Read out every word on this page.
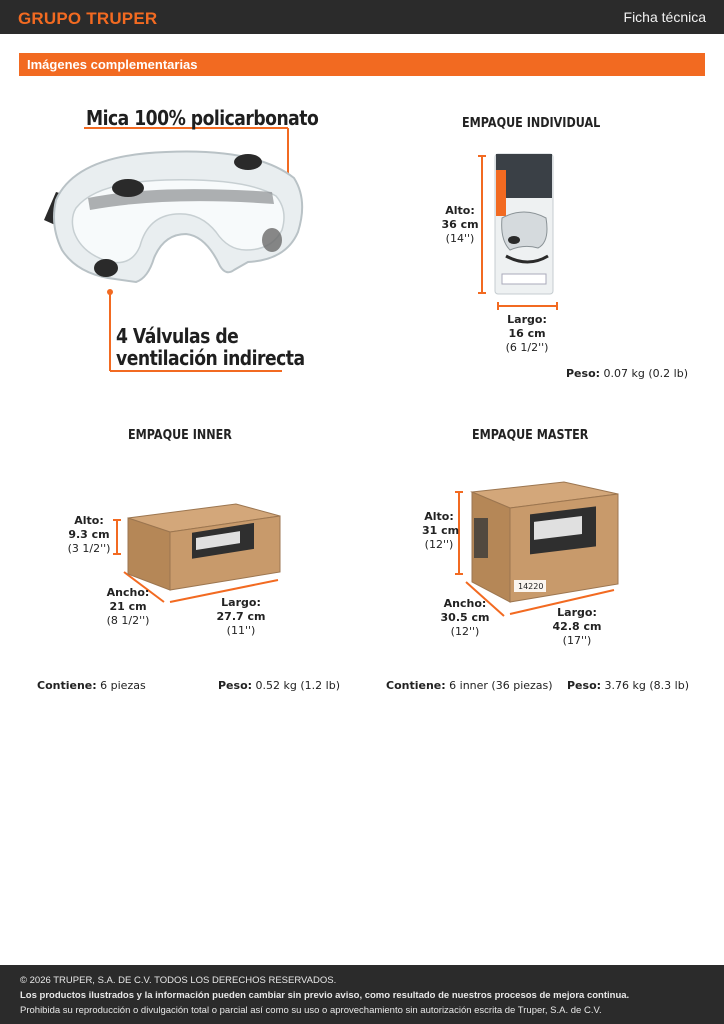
GRUPO TRUPER	Ficha técnica
Imágenes complementarias
Mica 100% policarbonato
4 Válvulas de
ventilación indirecta
EMPAQUE INDIVIDUAL
Alto:
36 cm
(14'')
Largo:
16 cm
(6 1/2'')
Peso: 0.07 kg (0.2 lb)
EMPAQUE INNER
Alto:
9.3 cm
(3 1/2'')
Ancho:
21 cm
(8 1/2'')
Largo:
27.7 cm
(11'')
Contiene: 6 piezas	Peso: 0.52 kg (1.2 lb)
EMPAQUE MASTER
14220
Alto:
31 cm
(12'')
Ancho:
30.5 cm
(12'')
Largo:
42.8 cm
(17'')
Contiene: 6 inner (36 piezas) Peso: 3.76 kg (8.3 lb)
© 2026 TRUPER, S.A. DE C.V. TODOS LOS DERECHOS RESERVADOS.
Los productos ilustrados y la información pueden cambiar sin previo aviso, como resultado de nuestros procesos de mejora continua.
Prohibida su reproducción o divulgación total o parcial así como su uso o aprovechamiento sin autorización escrita de Truper, S.A. de C.V.
